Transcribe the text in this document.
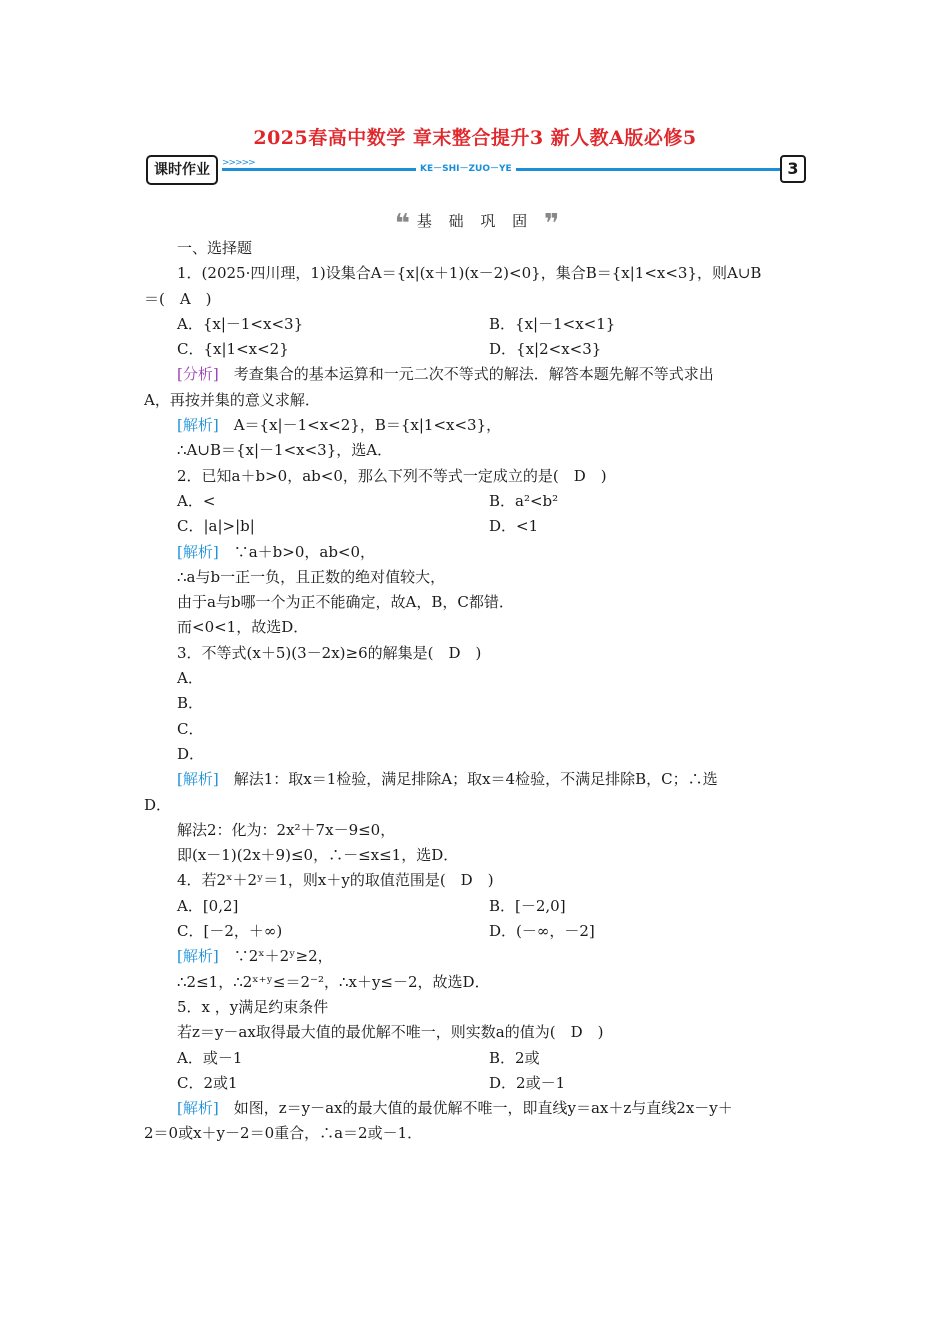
2025春高中数学 章末整合提升3 新人教A版必修5
>>>>>
课时作业	KE－SHI－ZUO－YE	3
❝ 基 础 巩 固 ❞
一、选择题
1．(2025·四川理，1)设集合A＝{x|(x＋1)(x－2)<0}，集合B＝{x|1<x<3}，则A∪B
＝(　A　)
A．{x|－1<x<3}	B．{x|－1<x<1}
C．{x|1<x<2}	D．{x|2<x<3}
[分析]　考查集合的基本运算和一元二次不等式的解法．解答本题先解不等式求出
A，再按并集的意义求解．
[解析]　A＝{x|－1<x<2}，B＝{x|1<x<3}，
∴A∪B＝{x|－1<x<3}，选A．
2．已知a＋b>0，ab<0，那么下列不等式一定成立的是(　D　)
A．<	B．a²<b²
C．|a|>|b|	D．<1
[解析]　∵a＋b>0，ab<0，
∴a与b一正一负，且正数的绝对值较大，
由于a与b哪一个为正不能确定，故A，B，C都错．
而<0<1，故选D．
3．不等式(x＋5)(3－2x)≥6的解集是(　D　)
A．
B．
C．
D．
[解析]　解法1：取x＝1检验，满足排除A；取x＝4检验，不满足排除B，C；∴选
D．
解法2：化为：2x²＋7x－9≤0，
即(x－1)(2x＋9)≤0，∴－≤x≤1，选D．
4．若2ˣ＋2ʸ＝1，则x＋y的取值范围是(　D　)
A．[0,2]	B．[－2,0]
C．[－2，＋∞)	D．(－∞，－2]
[解析]　∵2ˣ＋2ʸ≥2，
∴2≤1，∴2ˣ⁺ʸ≤＝2⁻²，∴x＋y≤－2，故选D．
5．x ，y满足约束条件
若z＝y－ax取得最大值的最优解不唯一，则实数a的值为(　D　)
A．或－1	B．2或
C．2或1	D．2或－1
[解析]　如图，z＝y－ax的最大值的最优解不唯一，即直线y＝ax＋z与直线2x－y＋
2＝0或x＋y－2＝0重合，∴a＝2或－1．
